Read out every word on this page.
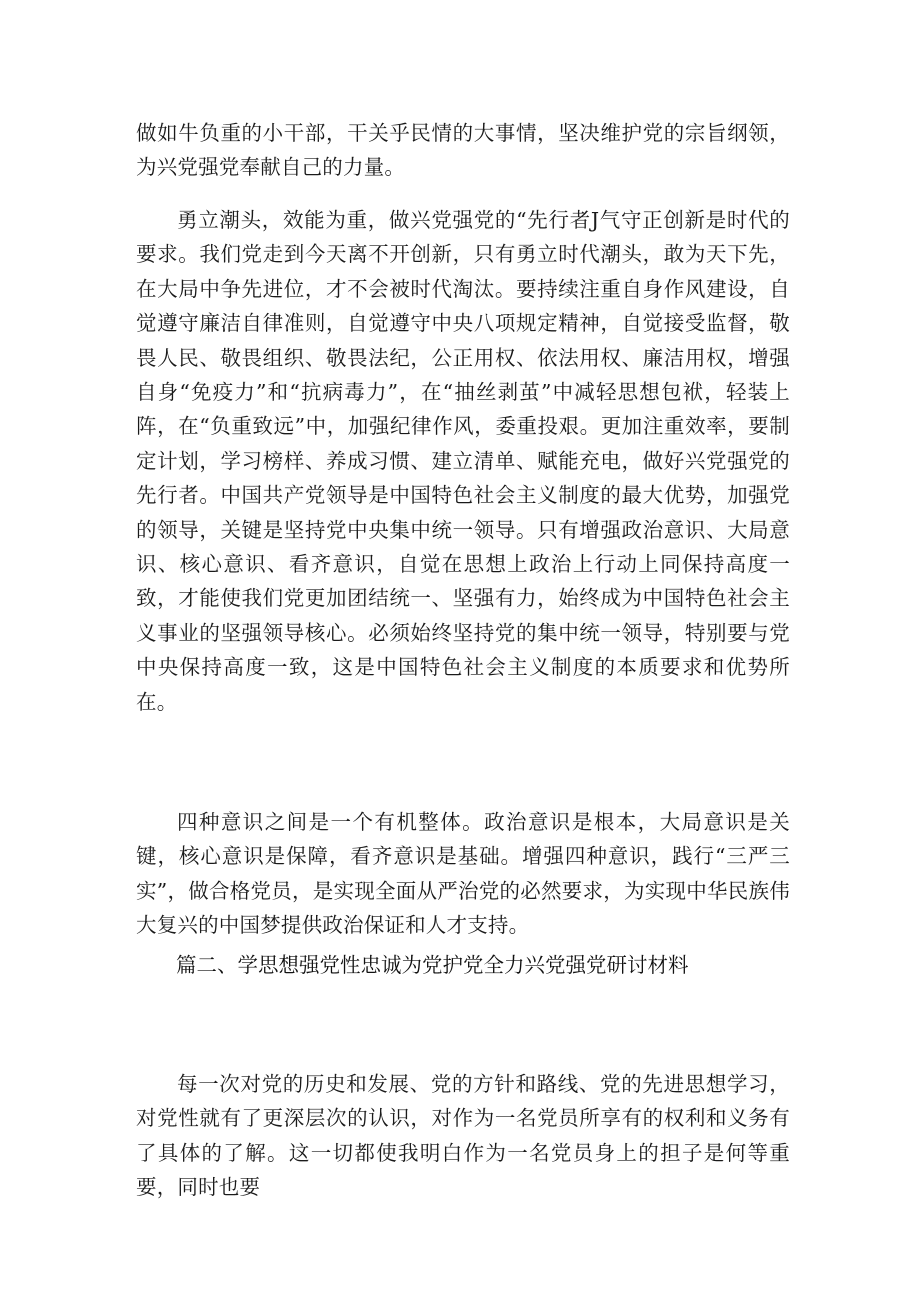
做如牛负重的小干部，干关乎民情的大事情，坚决维护党的宗旨纲领，为兴党强党奉献自己的力量。

勇立潮头，效能为重，做兴党强党的“先行者J气守正创新是时代的要求。我们党走到今天离不开创新，只有勇立时代潮头，敢为天下先，在大局中争先进位，才不会被时代淘汰。要持续注重自身作风建设，自觉遵守廉洁自律准则，自觉遵守中央八项规定精神，自觉接受监督，敬畏人民、敬畏组织、敬畏法纪，公正用权、依法用权、廉洁用权，增强自身“免疫力”和“抗病毒力”，在“抽丝剥茧”中减轻思想包袱，轻装上阵，在“负重致远”中，加强纪律作风，委重投艰。更加注重效率，要制定计划，学习榜样、养成习惯、建立清单、赋能充电，做好兴党强党的先行者。中国共产党领导是中国特色社会主义制度的最大优势，加强党的领导，关键是坚持党中央集中统一领导。只有增强政治意识、大局意识、核心意识、看齐意识，自觉在思想上政治上行动上同保持高度一致，才能使我们党更加团结统一、坚强有力，始终成为中国特色社会主义事业的坚强领导核心。必须始终坚持党的集中统一领导，特别要与党中央保持高度一致，这是中国特色社会主义制度的本质要求和优势所在。

四种意识之间是一个有机整体。政治意识是根本，大局意识是关键，核心意识是保障，看齐意识是基础。增强四种意识，践行“三严三实”，做合格党员，是实现全面从严治党的必然要求，为实现中华民族伟大复兴的中国梦提供政治保证和人才支持。

篇二、学思想强党性忠诚为党护党全力兴党强党研讨材料

每一次对党的历史和发展、党的方针和路线、党的先进思想学习，对党性就有了更深层次的认识，对作为一名党员所享有的权利和义务有了具体的了解。这一切都使我明白作为一名党员身上的担子是何等重要，同时也要
